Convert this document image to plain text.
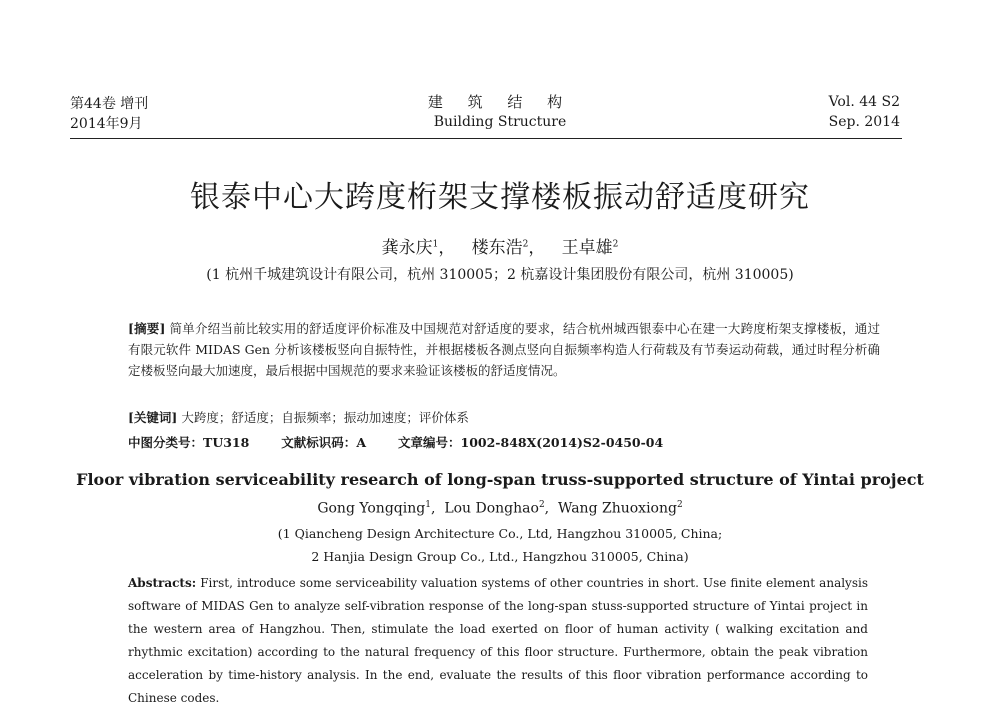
第44卷 增刊
2014年9月
建 筑 结 构
Building Structure
Vol. 44 S2
Sep. 2014
银泰中心大跨度桁架支撑楼板振动舒适度研究
龚永庆$^1$，   楼东浩$^2$，   王卓雄$^2$
(1 杭州千城建筑设计有限公司，杭州 310005；2 杭嘉设计集团股份有限公司，杭州 310005)
[摘要] 简单介绍当前比较实用的舒适度评价标准及中国规范对舒适度的要求，结合杭州城西银泰中心在建一大跨度桁架支撑楼板，通过有限元软件 MIDAS Gen 分析该楼板竖向自振特性，并根据楼板各测点竖向自振频率构造人行荷载及有节奏运动荷载，通过时程分析确定楼板竖向最大加速度，最后根据中国规范的要求来验证该楼板的舒适度情况。
[关键词] 大跨度；舒适度；自振频率；振动加速度；评价体系
中图分类号：TU318	文献标识码：A	文章编号：1002-848X(2014)S2-0450-04
Floor vibration serviceability research of long-span truss-supported structure of Yintai project
Gong Yongqing$^1$,  Lou Donghao$^2$,  Wang Zhuoxiong$^2$
(1 Qiancheng Design Architecture Co., Ltd, Hangzhou 310005, China;
2 Hanjia Design Group Co., Ltd., Hangzhou 310005, China)
Abstracts: First, introduce some serviceability valuation systems of other countries in short. Use finite element analysis software of MIDAS Gen to analyze self-vibration response of the long-span stuss-supported structure of Yintai project in the western area of Hangzhou. Then, stimulate the load exerted on floor of human activity ( walking excitation and rhythmic excitation) according to the natural frequency of this floor structure. Furthermore, obtain the peak vibration acceleration by time-history analysis. In the end, evaluate the results of this floor vibration performance according to Chinese codes.
